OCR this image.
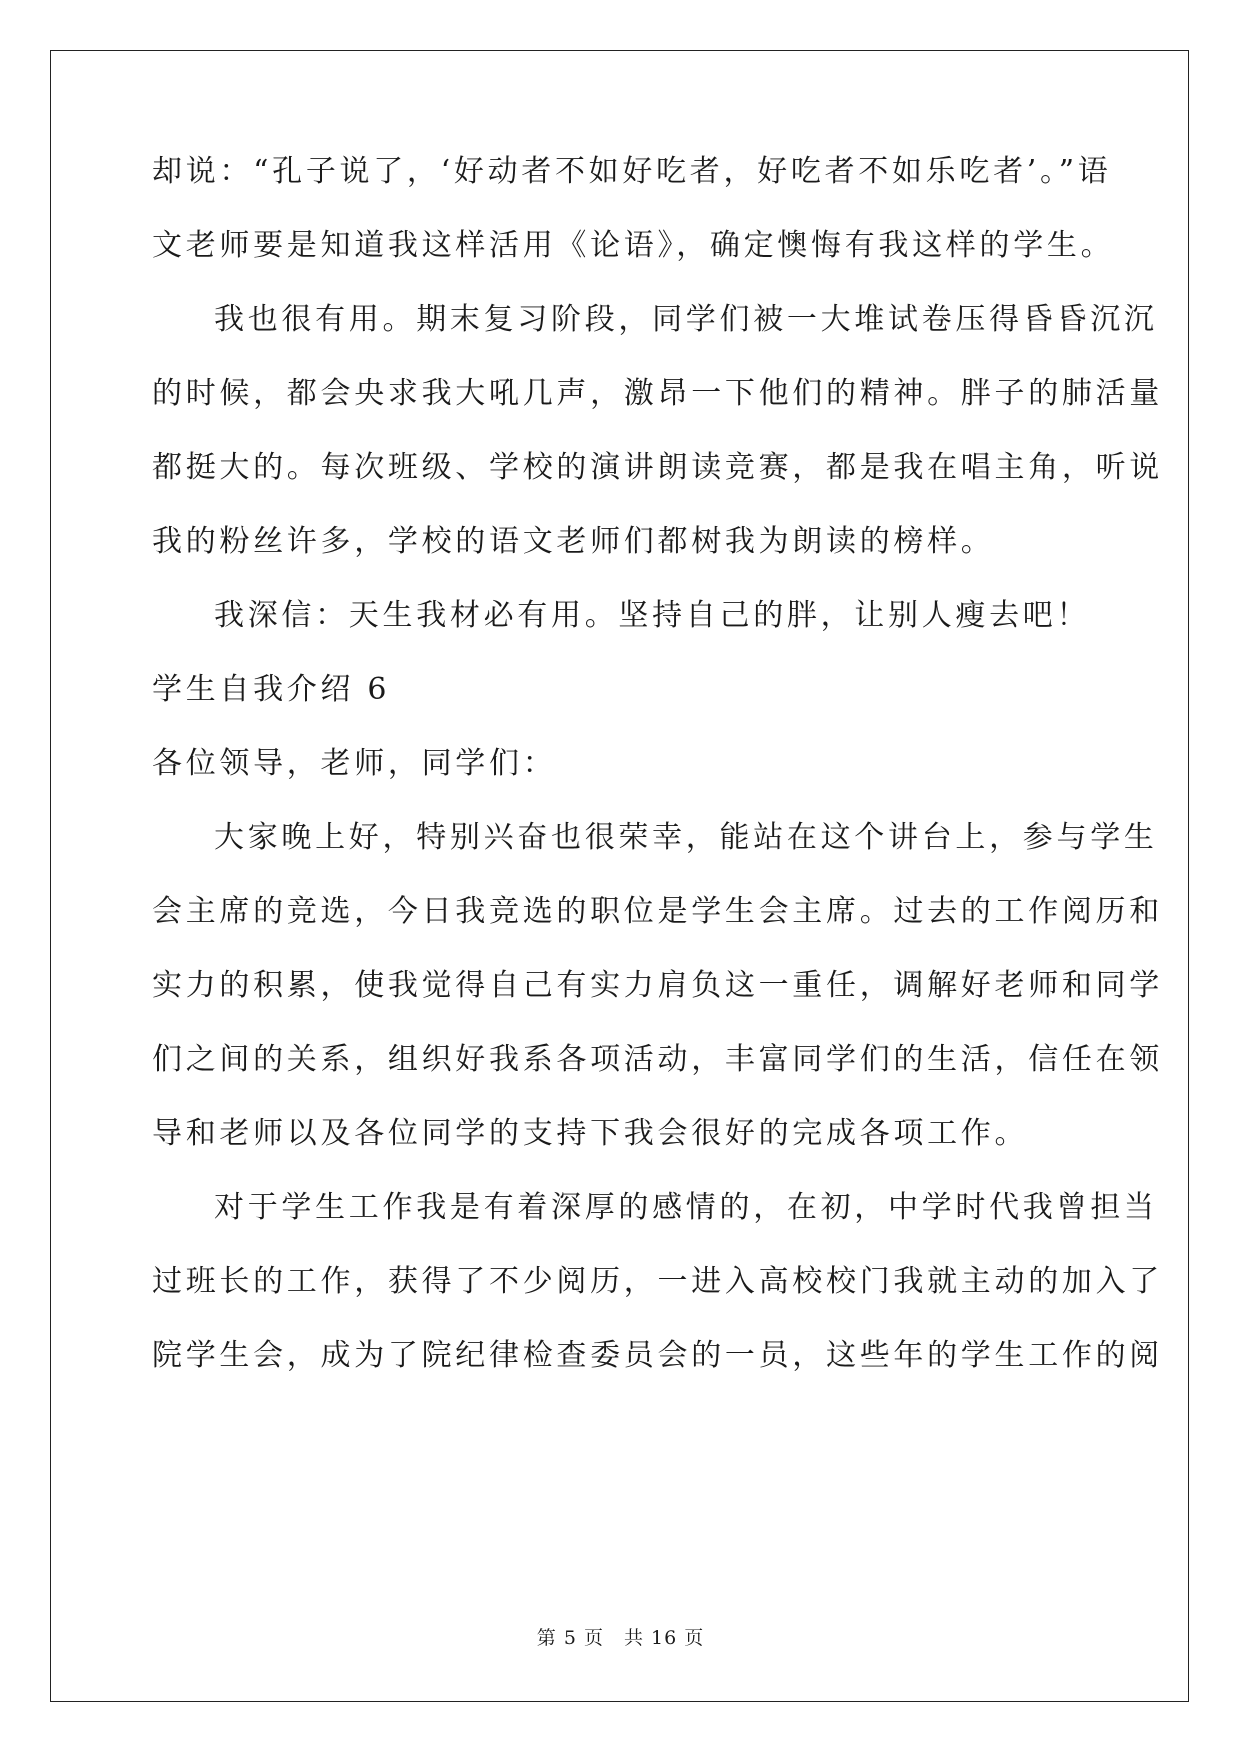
却说：“孔子说了，‘好动者不如好吃者，好吃者不如乐吃者’。”语
文老师要是知道我这样活用《论语》，确定懊悔有我这样的学生。
我也很有用。期末复习阶段，同学们被一大堆试卷压得昏昏沉沉
的时候，都会央求我大吼几声，激昂一下他们的精神。胖子的肺活量
都挺大的。每次班级、学校的演讲朗读竞赛，都是我在唱主角，听说
我的粉丝许多，学校的语文老师们都树我为朗读的榜样。
我深信：天生我材必有用。坚持自己的胖，让别人瘦去吧！
学生自我介绍 6
各位领导，老师，同学们：
大家晚上好，特别兴奋也很荣幸，能站在这个讲台上，参与学生
会主席的竞选，今日我竞选的职位是学生会主席。过去的工作阅历和
实力的积累，使我觉得自己有实力肩负这一重任，调解好老师和同学
们之间的关系，组织好我系各项活动，丰富同学们的生活，信任在领
导和老师以及各位同学的支持下我会很好的完成各项工作。
对于学生工作我是有着深厚的感情的，在初，中学时代我曾担当
过班长的工作，获得了不少阅历，一进入高校校门我就主动的加入了
院学生会，成为了院纪律检查委员会的一员，这些年的学生工作的阅
第 5 页　共 16 页
